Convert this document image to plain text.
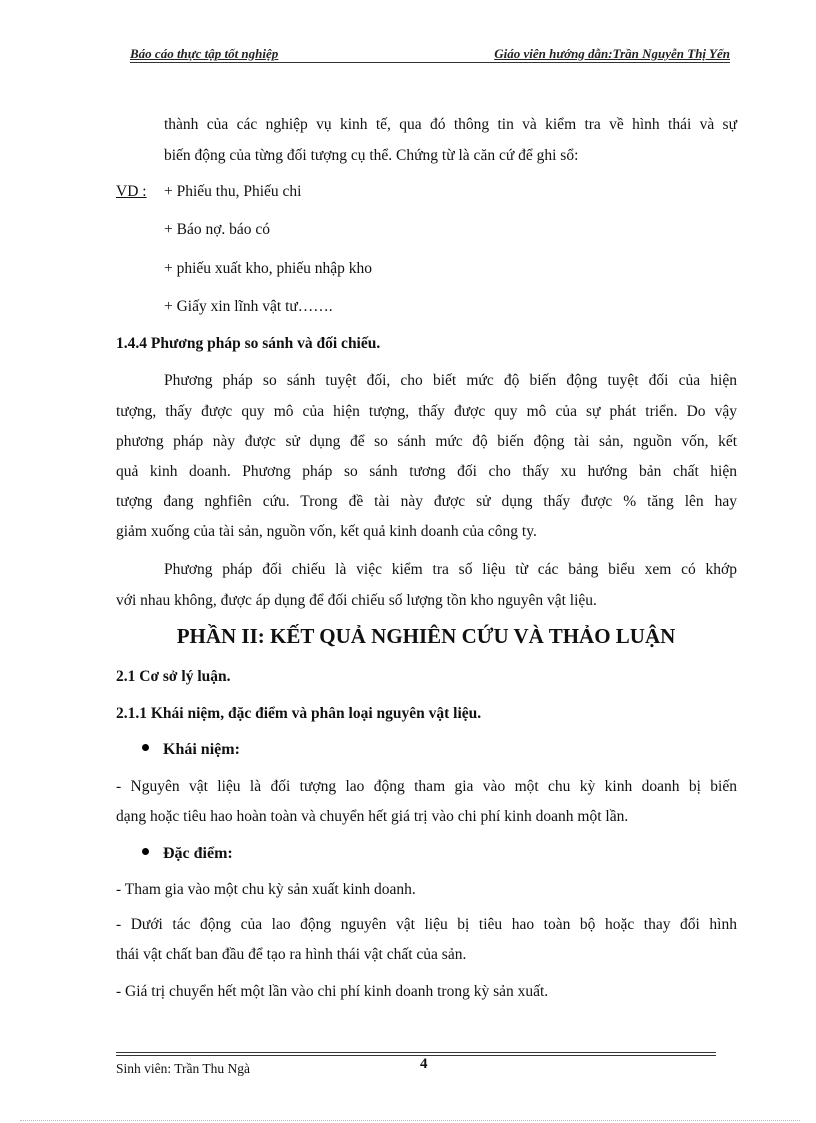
Báo cáo thực tập tốt nghiệp	Giáo viên hướng dẫn:Trần Nguyễn Thị Yến
thành của các nghiệp vụ kinh tế, qua đó thông tin và kiểm tra về hình thái và sự
biến động của từng đối tượng cụ thể. Chứng từ là căn cứ để ghi sổ:
VD : + Phiếu thu, Phiếu chi
+ Báo nợ. báo có
+ phiếu xuất kho, phiếu nhập kho
+ Giấy xin lĩnh vật tư…….
1.4.4 Phương pháp so sánh và đối chiếu.
Phương pháp so sánh tuyệt đối, cho biết mức độ biến động tuyệt đối của hiện
tượng, thấy được quy mô của hiện tượng, thấy được quy mô của sự phát triển. Do vậy
phương pháp này được sử dụng để so sánh mức độ biến động tài sản, nguồn vốn, kết
quả kinh doanh. Phương pháp so sánh tương đối cho thấy xu hướng bản chất hiện
tượng đang nghfiên cứu. Trong đề tài này được sử dụng thấy được % tăng lên hay
giảm xuống của tài sản, nguồn vốn, kết quả kinh doanh của công ty.
Phương pháp đối chiếu là việc kiểm tra số liệu từ các bảng biểu xem có khớp
với nhau không, được áp dụng để đối chiếu số lượng tồn kho nguyên vật liệu.
PHẦN II: KẾT QUẢ NGHIÊN CỨU VÀ THẢO LUẬN
2.1 Cơ sở lý luận.
2.1.1 Khái niệm, đặc điểm và phân loại nguyên vật liệu.
Khái niệm:
- Nguyên vật liệu là đối tượng lao động tham gia vào một chu kỳ kinh doanh bị biến
dạng hoặc tiêu hao hoàn toàn và chuyển hết giá trị vào chi phí kinh doanh một lần.
Đặc điểm:
- Tham gia vào một chu kỳ sản xuất kinh doanh.
- Dưới tác động của lao động nguyên vật liệu bị tiêu hao toàn bộ hoặc thay đổi hình
thái vật chất ban đầu để tạo ra hình thái vật chất của sản.
- Giá trị chuyển hết một lần vào chi phí kinh doanh trong kỳ sản xuất.
Sinh viên: Trần Thu Ngà	4
